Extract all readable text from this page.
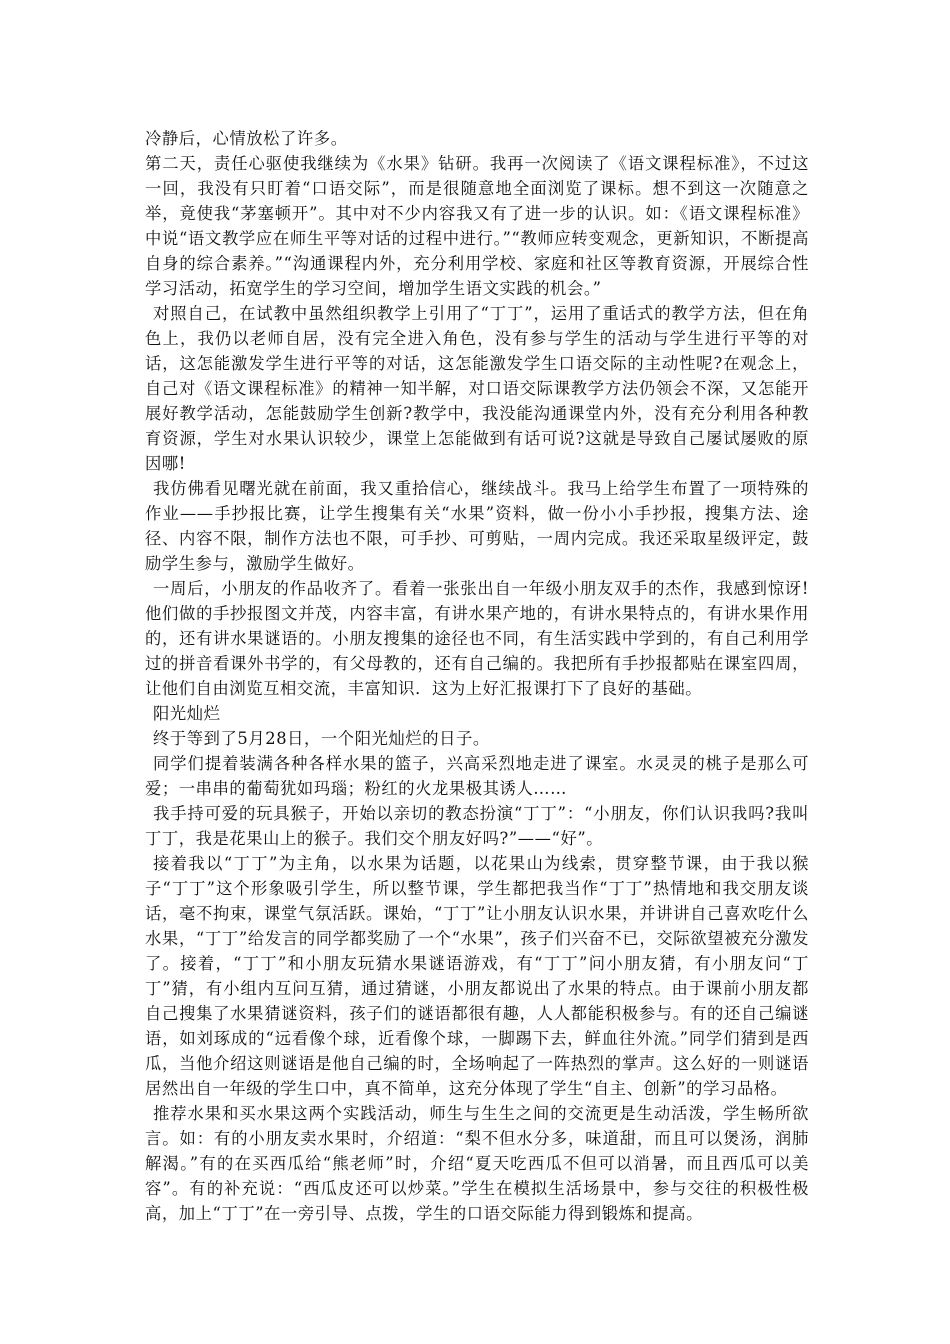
冷静后，心情放松了许多。

第二天，责任心驱使我继续为《水果》钻研。我再一次阅读了《语文课程标准》，不过这一回，我没有只盯着“口语交际”，而是很随意地全面浏览了课标。想不到这一次随意之举，竟使我“茅塞顿开”。其中对不少内容我又有了进一步的认识。如：《语文课程标准》中说“语文教学应在师生平等对话的过程中进行。”“教师应转变观念，更新知识，不断提高自身的综合素养。”“沟通课程内外，充分利用学校、家庭和社区等教育资源，开展综合性学习活动，拓宽学生的学习空间，增加学生语文实践的机会。”

对照自己，在试教中虽然组织教学上引用了“丁丁”，运用了重话式的教学方法，但在角色上，我仍以老师自居，没有完全进入角色，没有参与学生的活动与学生进行平等的对话，这怎能激发学生进行平等的对话，这怎能激发学生口语交际的主动性呢?在观念上，自己对《语文课程标准》的精神一知半解，对口语交际课教学方法仍领会不深，又怎能开展好教学活动，怎能鼓励学生创新?教学中，我没能沟通课堂内外，没有充分利用各种教育资源，学生对水果认识较少，课堂上怎能做到有话可说?这就是导致自己屡试屡败的原因哪!

我仿佛看见曙光就在前面，我又重拾信心，继续战斗。我马上给学生布置了一项特殊的作业——手抄报比赛，让学生搜集有关“水果”资料，做一份小小手抄报，搜集方法、途径、内容不限，制作方法也不限，可手抄、可剪贴，一周内完成。我还采取星级评定，鼓励学生参与，激励学生做好。

一周后，小朋友的作品收齐了。看着一张张出自一年级小朋友双手的杰作，我感到惊讶!他们做的手抄报图文并茂，内容丰富，有讲水果产地的，有讲水果特点的，有讲水果作用的，还有讲水果谜语的。小朋友搜集的途径也不同，有生活实践中学到的，有自己利用学过的拼音看课外书学的，有父母教的，还有自己编的。我把所有手抄报都贴在课室四周，让他们自由浏览互相交流，丰富知识．这为上好汇报课打下了良好的基础。

阳光灿烂

终于等到了5月28日，一个阳光灿烂的日子。

同学们提着装满各种各样水果的篮子，兴高采烈地走进了课室。水灵灵的桃子是那么可爱；一串串的葡萄犹如玛瑙；粉红的火龙果极其诱人……

我手持可爱的玩具猴子，开始以亲切的教态扮演“丁丁”：“小朋友，你们认识我吗?我叫丁丁，我是花果山上的猴子。我们交个朋友好吗?”——“好”。

接着我以“丁丁”为主角，以水果为话题，以花果山为线索，贯穿整节课，由于我以猴子“丁丁”这个形象吸引学生，所以整节课，学生都把我当作“丁丁”热情地和我交朋友谈话，毫不拘束，课堂气氛活跃。课始，“丁丁”让小朋友认识水果，并讲讲自己喜欢吃什么水果，“丁丁”给发言的同学都奖励了一个“水果”，孩子们兴奋不已，交际欲望被充分激发了。接着，“丁丁”和小朋友玩猜水果谜语游戏，有“丁丁”问小朋友猜，有小朋友问“丁丁”猜，有小组内互问互猜，通过猜谜，小朋友都说出了水果的特点。由于课前小朋友都自己搜集了水果猜谜资料，孩子们的谜语都很有趣，人人都能积极参与。有的还自己编谜语，如刘琢成的“远看像个球，近看像个球，一脚踢下去，鲜血往外流。”同学们猜到是西瓜，当他介绍这则谜语是他自己编的时，全场响起了一阵热烈的掌声。这么好的一则谜语居然出自一年级的学生口中，真不简单，这充分体现了学生“自主、创新”的学习品格。

推荐水果和买水果这两个实践活动，师生与生生之间的交流更是生动活泼，学生畅所欲言。如：有的小朋友卖水果时，介绍道：“梨不但水分多，味道甜，而且可以煲汤，润肺解渴。”有的在买西瓜给“熊老师”时，介绍“夏天吃西瓜不但可以消暑，而且西瓜可以美容”。有的补充说：“西瓜皮还可以炒菜。”学生在模拟生活场景中，参与交往的积极性极高，加上“丁丁”在一旁引导、点拨，学生的口语交际能力得到锻炼和提高。
